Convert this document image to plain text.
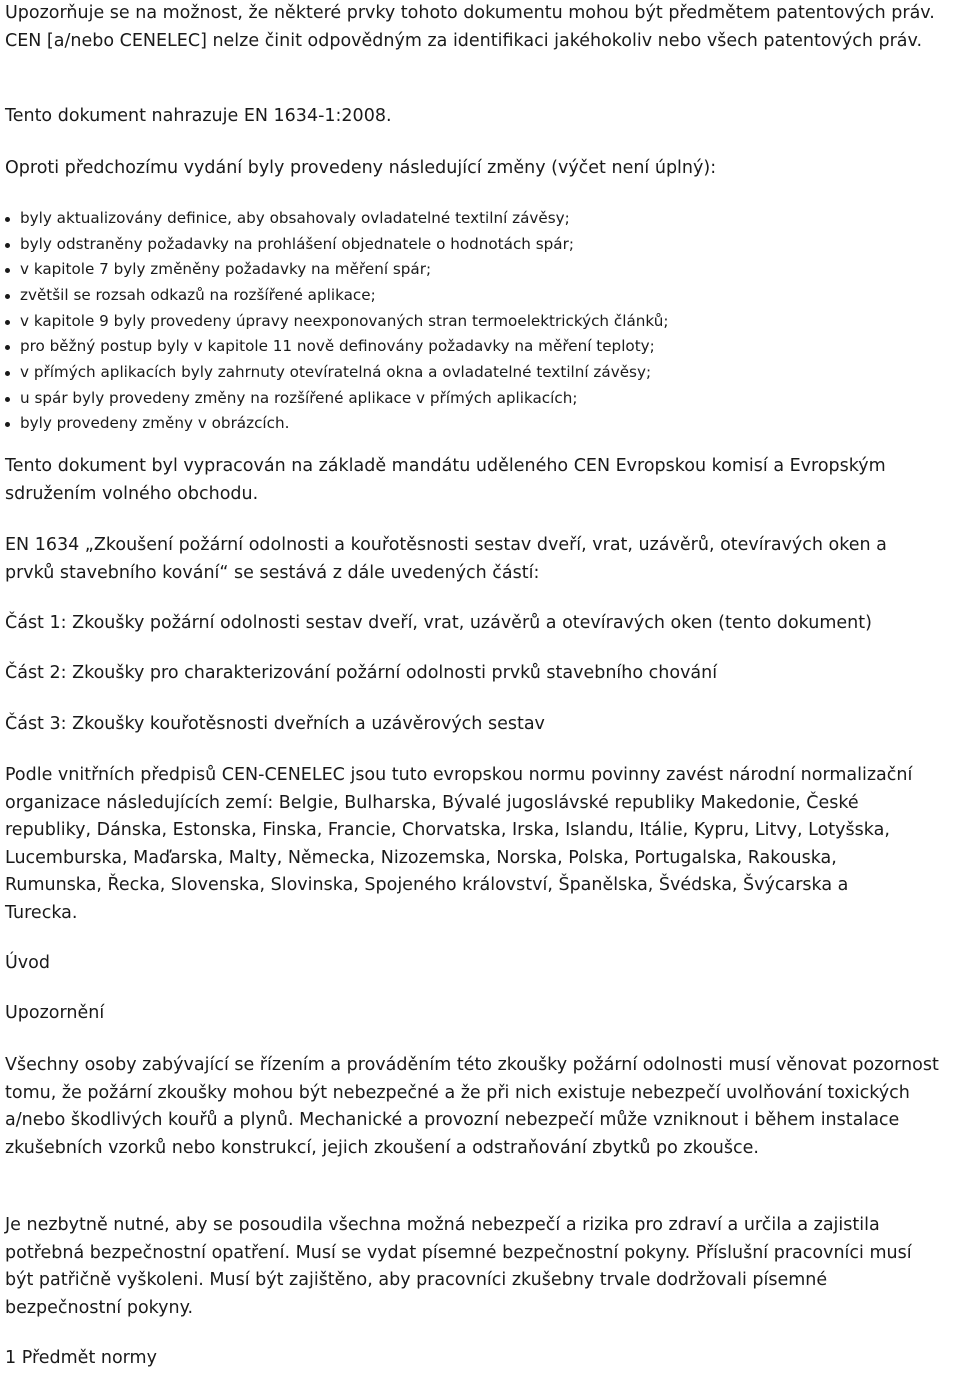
Upozorňuje se na možnost, že některé prvky tohoto dokumentu mohou být předmětem patentových práv. CEN [a/nebo CENELEC] nelze činit odpovědným za identifikaci jakéhokoliv nebo všech patentových práv.

Tento dokument nahrazuje EN 1634-1:2008.

Oproti předchozímu vydání byly provedeny následující změny (výčet není úplný):

byly aktualizovány definice, aby obsahovaly ovladatelné textilní závěsy;
byly odstraněny požadavky na prohlášení objednatele o hodnotách spár;
v kapitole 7 byly změněny požadavky na měření spár;
zvětšil se rozsah odkazů na rozšířené aplikace;
v kapitole 9 byly provedeny úpravy neexponovaných stran termoelektrických článků;
pro běžný postup byly v kapitole 11 nově definovány požadavky na měření teploty;
v přímých aplikacích byly zahrnuty otevíratelná okna a ovladatelné textilní závěsy;
u spár byly provedeny změny na rozšířené aplikace v přímých aplikacích;
byly provedeny změny v obrázcích.

Tento dokument byl vypracován na základě mandátu uděleného CEN Evropskou komisí a Evropským sdružením volného obchodu.

EN 1634 „Zkoušení požární odolnosti a kouřotěsnosti sestav dveří, vrat, uzávěrů, otevíravých oken a prvků stavebního kování“ se sestává z dále uvedených částí:

Část 1: Zkoušky požární odolnosti sestav dveří, vrat, uzávěrů a otevíravých oken (tento dokument)

Část 2: Zkoušky pro charakterizování požární odolnosti prvků stavebního chování

Část 3: Zkoušky kouřotěsnosti dveřních a uzávěrových sestav

Podle vnitřních předpisů CEN-CENELEC jsou tuto evropskou normu povinny zavést národní normalizační organizace následujících zemí: Belgie, Bulharska, Bývalé jugoslávské republiky Makedonie, České republiky, Dánska, Estonska, Finska, Francie, Chorvatska, Irska, Islandu, Itálie, Kypru, Litvy, Lotyšska, Lucemburska, Maďarska, Malty, Německa, Nizozemska, Norska, Polska, Portugalska, Rakouska, Rumunska, Řecka, Slovenska, Slovinska, Spojeného království, Španělska, Švédska, Švýcarska a Turecka.

Úvod

Upozornění

Všechny osoby zabývající se řízením a prováděním této zkoušky požární odolnosti musí věnovat pozornost tomu, že požární zkoušky mohou být nebezpečné a že při nich existuje nebezpečí uvolňování toxických a/nebo škodlivých kouřů a plynů. Mechanické a provozní nebezpečí může vzniknout i během instalace zkušebních vzorků nebo konstrukcí, jejich zkoušení a odstraňování zbytků po zkoušce.

Je nezbytně nutné, aby se posoudila všechna možná nebezpečí a rizika pro zdraví a určila a zajistila potřebná bezpečnostní opatření. Musí se vydat písemné bezpečnostní pokyny. Příslušní pracovníci musí být patřičně vyškoleni. Musí být zajištěno, aby pracovníci zkušebny trvale dodržovali písemné bezpečnostní pokyny.

1 Předmět normy
